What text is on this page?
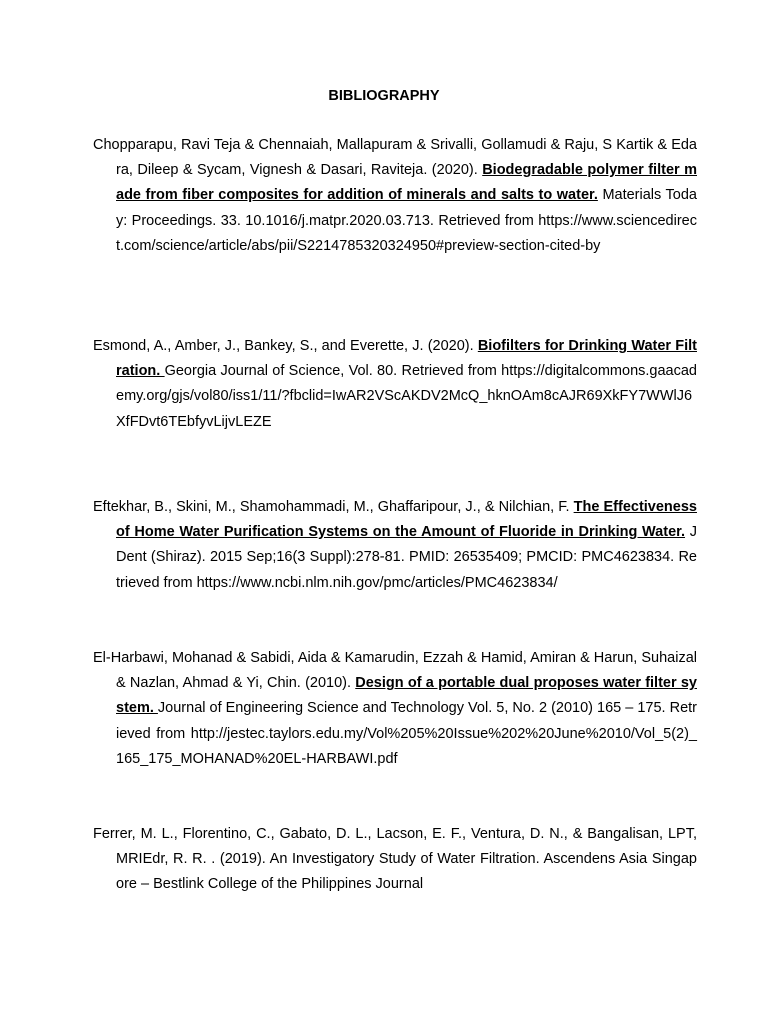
BIBLIOGRAPHY

Chopparapu, Ravi Teja & Chennaiah, Mallapuram & Srivalli, Gollamudi & Raju, S Kartik & Edara, Dileep & Sycam, Vignesh & Dasari, Raviteja. (2020). Biodegradable polymer filter made from fiber composites for addition of minerals and salts to water. Materials Today: Proceedings. 33. 10.1016/j.matpr.2020.03.713. Retrieved from https://www.sciencedirect.com/science/article/abs/pii/S2214785320324950#preview-section-cited-by

Esmond, A., Amber, J., Bankey, S., and Everette, J. (2020). Biofilters for Drinking Water Filtration. Georgia Journal of Science, Vol. 80. Retrieved from https://digitalcommons.gaacademy.org/gjs/vol80/iss1/11/?fbclid=IwAR2VScAKDV2McQ_hknOAm8cAJR69XkFY7WWlJ6XfFDvt6TEbfyvLijvLEZE

Eftekhar, B., Skini, M., Shamohammadi, M., Ghaffaripour, J., & Nilchian, F. The Effectiveness of Home Water Purification Systems on the Amount of Fluoride in Drinking Water. J Dent (Shiraz). 2015 Sep;16(3 Suppl):278-81. PMID: 26535409; PMCID: PMC4623834. Retrieved from https://www.ncbi.nlm.nih.gov/pmc/articles/PMC4623834/

El-Harbawi, Mohanad & Sabidi, Aida & Kamarudin, Ezzah & Hamid, Amiran & Harun, Suhaizal & Nazlan, Ahmad & Yi, Chin. (2010). Design of a portable dual proposes water filter system. Journal of Engineering Science and Technology Vol. 5, No. 2 (2010) 165 – 175. Retrieved from http://jestec.taylors.edu.my/Vol%205%20Issue%202%20June%2010/Vol_5(2)_165_175_MOHANAD%20EL-HARBAWI.pdf

Ferrer, M. L., Florentino, C., Gabato, D. L., Lacson, E. F., Ventura, D. N., & Bangalisan, LPT, MRIEdr, R. R. . (2019). An Investigatory Study of Water Filtration. Ascendens Asia Singapore – Bestlink College of the Philippines Journal
